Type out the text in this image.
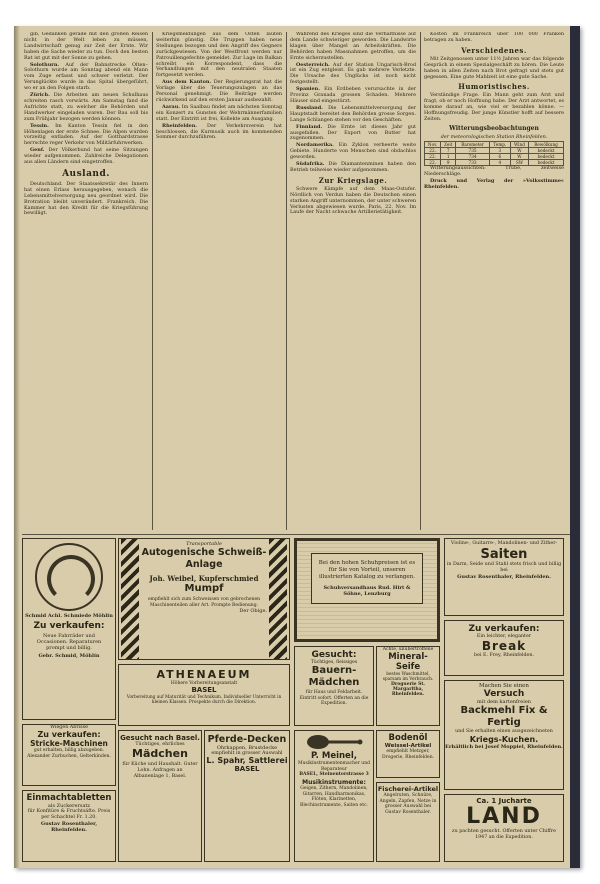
gib, Gedanken gerade mit den großen Reisen nicht in der Welt leben zu müssen, Landwirtschaft genug zur Zeit der Ernte. Wir haben die Sache wieder zu tun. Doch den besten Rat ist gut mit der Sonne zu gehen.

Solothurn. Auf der Bahnstrecke Olten–Solothurn wurde am Sonntag abend ein Mann vom Zuge erfasst und schwer verletzt. Der Verunglückte wurde in das Spital übergeführt, wo er an den Folgen starb.

Zürich. Die Arbeiten am neuen Schulhaus schreiten rasch vorwärts. Am Samstag fand die Aufrichte statt, zu welcher die Behörden und Handwerker eingeladen waren. Der Bau soll bis zum Frühjahr bezogen werden können.

Tessin. Im Kanton Tessin fiel in den Höhenlagen der erste Schnee. Die Alpen wurden vorzeitig entladen. Auf der Gotthardstrasse herrschte reger Verkehr von Militärfuhrwerken.

Genf. Der Völkerbund hat seine Sitzungen wieder aufgenommen. Zahlreiche Delegationen aus allen Ländern sind eingetroffen.

Ausland.

Deutschland. Der Staatssekretär des Innern hat einen Erlass herausgegeben, wonach die Lebensmittelversorgung neu geordnet wird. Die Brotration bleibt unverändert. Frankreich. Die Kammer hat den Kredit für die Kriegsführung bewilligt.

Kriegsmeldungen aus dem Osten lauten weiterhin günstig. Die Truppen haben neue Stellungen bezogen und den Angriff des Gegners zurückgewiesen. Von der Westfront werden nur Patrouillengefechte gemeldet. Zur Lage im Balkan schreibt ein Korrespondent, dass die Verhandlungen mit den neutralen Staaten fortgesetzt werden.

Aus dem Kanton. Der Regierungsrat hat die Vorlage über die Teuerungszulagen an das Personal genehmigt. Die Beiträge werden rückwirkend auf den ersten Januar ausbezahlt.

Aarau. Im Saalbau findet am nächsten Sonntag ein Konzert zu Gunsten der Wehrmännerfamilien statt. Der Eintritt ist frei, Kollekte am Ausgang.

Rheinfelden. Der Verkehrsverein hat beschlossen, die Kurmusik auch im kommenden Sommer durchzuführen.

Während des Krieges sind die Verhältnisse auf dem Lande schwieriger geworden. Die Landwirte klagen über Mangel an Arbeitskräften. Die Behörden haben Massnahmen getroffen, um die Ernte sicherzustellen.

Oesterreich. Auf der Station Ungarisch-Brod ist ein Zug entgleist. Es gab mehrere Verletzte. Die Ursache des Unglücks ist noch nicht festgestellt.

Spanien. Ein Erdbeben verursachte in der Provinz Granada grossen Schaden. Mehrere Häuser sind eingestürzt.

Russland. Die Lebensmittelversorgung der Hauptstadt bereitet den Behörden grosse Sorgen. Lange Schlangen stehen vor den Geschäften.

Finnland. Die Ernte ist dieses Jahr gut ausgefallen. Der Export von Butter hat zugenommen.

Nordamerika. Ein Zyklon verheerte weite Gebiete. Hunderte von Menschen sind obdachlos geworden.

Südafrika. Die Diamantenminen haben den Betrieb teilweise wieder aufgenommen.

Zur Kriegslage.

Schwere Kämpfe auf dem Maas-Ostufer. Nördlich von Verdun haben die Deutschen einen starken Angriff unternommen, der unter schweren Verlusten abgewiesen wurde. Paris, 22. Nov. Im Laufe der Nacht schwache Artillerietätigkeit.

Kosten im Frankreich über 100 000 Franken betragen zu haben.

Verschiedenes.

Mit Zeitgenossen unter 11½ Jahren war das folgende Gespräch in einem Spezialgeschäft zu hören. Die Leute haben in allen Zeiten nach Brot gefragt und stets gut gegessen. Eine gute Mahlzeit ist eine gute Sache.

Humoristisches.

Verständige Frage. Ein Mann geht zum Arzt und fragt, ob er noch Hoffnung habe. Der Arzt antwortet, es komme darauf an, wie viel er bezahlen könne. — Hoffnungsfreudig. Der junge Künstler hofft auf bessere Zeiten.

Witterungsbeobachtungen
der meteorologischen Station Rheinfelden.
Nov.	Zeit	Barometer	Temp.	Wind	Bewölkung
22.	7	735	3	W	bedeckt
22.	1	734	6	W	bedeckt
22.	9	733	4	SW	bedeckt

Witterungsaussichten: Trübe, zeitweise Niederschläge.

Druck und Verlag der »Volksstimme« Rheinfelden.

Schmid Achl. Schmiede Möhlin
Zu verkaufen:
Neue Fahrräder und Occasionen. Reparaturen prompt und billig.
Gebr. Schmid, Möhlin
Transportable
Autogenische Schweiß-Anlage
Joh. Weibel, Kupferschmied
Mumpf
empfiehlt sich zum Schweissen von gebrochenen Maschinenteilen aller Art. Prompte Bedienung.
Der Obige.
ATHENAEUM
Höhere Vorbereitungsanstalt
BASEL
Vorbereitung auf Maturität und Technikum. Individueller Unterricht in kleinen Klassen. Prospekte durch die Direktion.
Bei den hohen Schuhpreisen ist es für Sie von Vorteil, unseren illustrierten Katalog zu verlangen.
Schuhversandhaus Rud. Hirt & Söhne, Lenzburg
Gesucht:
Tüchtiges, fleissiges
Bauern-Mädchen
für Haus und Feldarbeit. Eintritt sofort. Offerten an die Expedition.
Ächte, unübertroffene
Mineral-Seife
bestes Waschmittel, sparsam im Verbrauch.
Droguerie St. Margaritha, Rheinfelden.
Violine-, Guitarre-, Mandolinen- und Zither-
Saiten
in Darm, Seide und Stahl stets frisch und billig bei
Gustav Rosenthaler, Rheinfelden.
Zu verkaufen:
Ein leichter, eleganter
Break
bei E. Frey, Rheinfelden.
Machen Sie einen
Versuch
mit dem kartenfreien
Backmehl Fix & Fertig
und Sie erhalten einen ausgezeichneten
Kriegs-Kuchen.
Erhältlich bei Josef Moppiel, Rheinfelden.
Wiegen Abrisse
Zu verkaufen:
Stricke-Maschinen
gut erhalten, billig abzugeben. Alexander Zurbuchen, Gelterkinden.
Einmachtabletten
als Zuckerersatz
für Konfitüre & Fruchtsäfte. Preis per Schachtel Fr. 1.20.
Gustav Rosenthaler, Rheinfelden.
Gesucht nach Basel.
Tüchtiges, ehrliches
Mädchen
für Küche und Haushalt. Guter Lohn. Anfragen an Albanenlage 1, Basel.
Pferde-Decken
Ohrkappen, Brustdecke
empfiehlt in grosser Auswahl
L. Spahr, Sattlerei
BASEL
P. Meinel,
Musikinstrumentenmacher und Reparateur
BASEL, Steinentorstrasse 3
Musikinstrumente:
Geigen, Zithern, Mandolinen, Gitarren, Handharmonikas, Flöten, Klarinetten, Blechinstrumente, Saiten etc.
Bodenöl
Weissel-Artikel
empfiehlt Metzger, Drogerie, Rheinfelden.
Fischerei-Artikel
Angelruten, Schnüre, Angeln, Zapfen, Netze in grosser Auswahl bei Gustav Rosenthaler.
Ca. 1 Jucharte
LAND
zu pachten gesucht. Offerten unter Chiffre 1947 an die Expedition.
